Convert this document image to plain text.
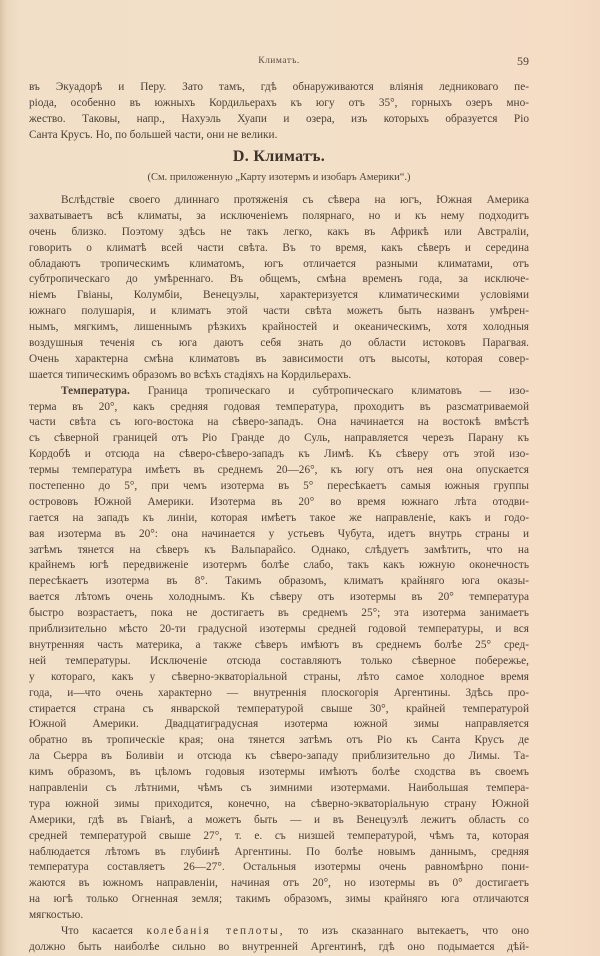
Климатъ.	59
въ Экуадорѣ и Перу. Зато тамъ, гдѣ обнаруживаются вліянія ледниковаго пе-
ріода, особенно въ южныхъ Кордильерахъ къ югу отъ 35°, горныхъ озеръ мно-
жество. Таковы, напр., Нахуэль Хуапи и озера, изъ которыхъ образуется Ріо
Санта Крусъ. Но, по большей части, они не велики.
D. Климатъ.
(См. приложенную „Карту изотермъ и изобаръ Америки“.)
Вслѣдствіе своего длиннаго протяженія съ сѣвера на югъ, Южная Америка
захватываетъ всѣ климаты, за исключеніемъ полярнаго, но и къ нему подходитъ
очень близко. Поэтому здѣсь не такъ легко, какъ въ Африкѣ или Австраліи,
говорить о климатѣ всей части свѣта. Въ то время, какъ сѣверъ и середина
обладаютъ тропическимъ климатомъ, югъ отличается разными климатами, отъ
субтропическаго до умѣреннаго. Въ общемъ, смѣна временъ года, за исключе-
ніемъ Гвіаны, Колумбіи, Венецуэлы, характеризуется климатическими условіями
южнаго полушарія, и климатъ этой части свѣта можетъ быть названъ умѣрен-
нымъ, мягкимъ, лишеннымъ рѣзкихъ крайностей и океаническимъ, хотя холодныя
воздушныя теченія съ юга даютъ себя знать до области истоковъ Парагвая.
Очень характерна смѣна климатовъ въ зависимости отъ высоты, которая совер-
шается типическимъ образомъ во всѣхъ стадіяхъ на Кордильерахъ.
Температура. Граница тропическаго и субтропическаго климатовъ — изо-
терма въ 20°, какъ средняя годовая температура, проходитъ въ разсматриваемой
части свѣта съ юго-востока на сѣверо-западъ. Она начинается на востокѣ вмѣстѣ
съ сѣверной границей отъ Ріо Гранде до Суль, направляется черезъ Парану къ
Кордобѣ и отсюда на сѣверо-сѣверо-западъ къ Лимѣ. Къ сѣверу отъ этой изо-
термы температура имѣетъ въ среднемъ 20—26°, къ югу отъ нея она опускается
постепенно до 5°, при чемъ изотерма въ 5° пересѣкаетъ самыя южныя группы
острововъ Южной Америки. Изотерма въ 20° во время южнаго лѣта отодви-
гается на западъ къ линіи, которая имѣетъ такое же направленіе, какъ и годо-
вая изотерма въ 20°: она начинается у устьевъ Чубута, идетъ внутрь страны и
затѣмъ тянется на сѣверъ къ Вальпарайсо. Однако, слѣдуетъ замѣтить, что на
крайнемъ югѣ передвиженіе изотермъ болѣе слабо, такъ какъ южную оконечность
пересѣкаетъ изотерма въ 8°. Такимъ образомъ, климатъ крайняго юга оказы-
вается лѣтомъ очень холоднымъ. Къ сѣверу отъ изотермы въ 20° температура
быстро возрастаетъ, пока не достигаетъ въ среднемъ 25°; эта изотерма занимаетъ
приблизительно мѣсто 20-ти градусной изотермы средней годовой температуры, и вся
внутренняя часть материка, а также сѣверъ имѣютъ въ среднемъ болѣе 25° сред-
ней температуры. Исключеніе отсюда составляютъ только сѣверное побережье,
у котораго, какъ у сѣверно-экваторіальной страны, лѣто самое холодное время
года, и—что очень характерно — внутреннія плоскогорія Аргентины. Здѣсь про-
стирается страна съ январской температурой свыше 30°, крайней температурой
Южной Америки. Двадцатиградусная изотерма южной зимы направляется
обратно въ тропическіе края; она тянется затѣмъ отъ Ріо къ Санта Крусъ де
ла Сьерра въ Боливіи и отсюда къ сѣверо-западу приблизительно до Лимы. Та-
кимъ образомъ, въ цѣломъ годовыя изотермы имѣютъ болѣе сходства въ своемъ
направленіи съ лѣтними, чѣмъ съ зимними изотермами. Наибольшая темпера-
тура южной зимы приходится, конечно, на сѣверно-экваторіальную страну Южной
Америки, гдѣ въ Гвіанѣ, а можетъ быть — и въ Венецуэлѣ лежитъ область со
средней температурой свыше 27°, т. е. съ низшей температурой, чѣмъ та, которая
наблюдается лѣтомъ въ глубинѣ Аргентины. По болѣе новымъ даннымъ, средняя
температура составляетъ 26—27°. Остальныя изотермы очень равномѣрно пони-
жаются въ южномъ направленіи, начиная отъ 20°, но изотермы въ 0° достигаетъ
на югѣ только Огненная земля; такимъ образомъ, зимы крайняго юга отличаются
мягкостью.
Что касается колебанія теплоты, то изъ сказаннаго вытекаетъ, что оно
должно быть наиболѣе сильно во внутренней Аргентинѣ, гдѣ оно подымается дѣй-
